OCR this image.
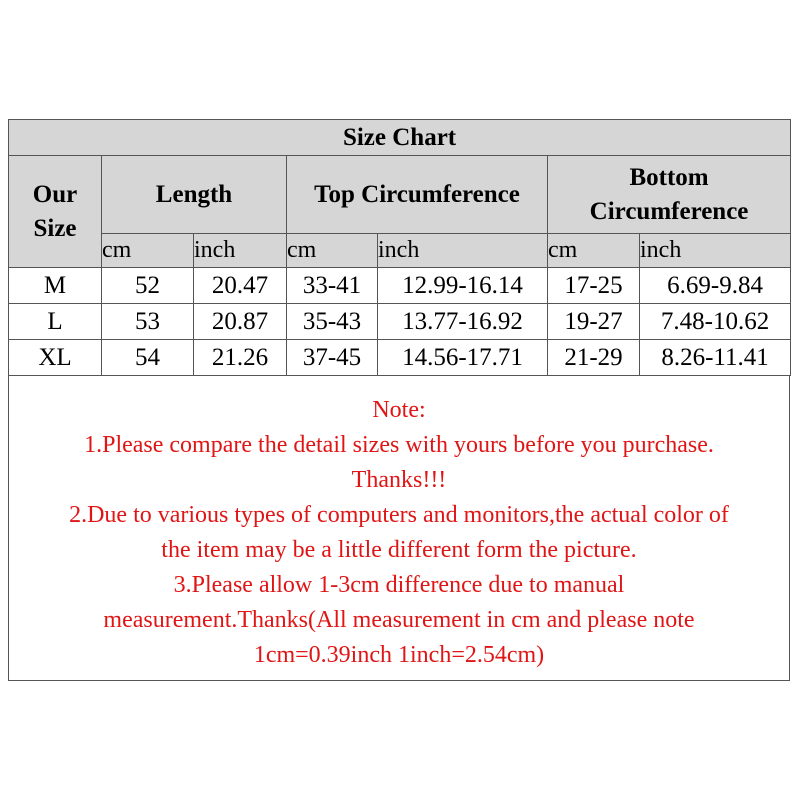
Size Chart						
Our Size	Length		Top Circumference		Bottom Circumference	
	cm	inch	cm	inch	cm	inch
M	52	20.47	33-41	12.99-16.14	17-25	6.69-9.84
L	53	20.87	35-43	13.77-16.92	19-27	7.48-10.62
XL	54	21.26	37-45	14.56-17.71	21-29	8.26-11.41
Note:
1.Please compare the detail sizes with yours before you purchase.
Thanks!!!
2.Due to various types of computers and monitors,the actual color of
the item may be a little different form the picture.
3.Please allow 1-3cm difference due to manual
measurement.Thanks(All measurement in cm and please note
1cm=0.39inch 1inch=2.54cm)
